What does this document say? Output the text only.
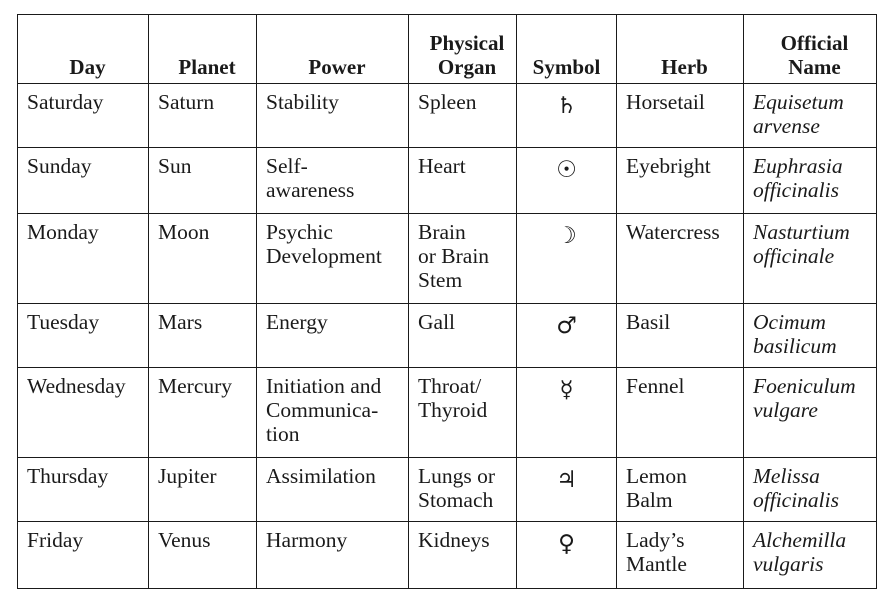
Day	Planet	Power	Physical
Organ	Symbol	Herb	Official
Name

Saturday	Saturn	Stability	Spleen	♄	Horsetail	Equisetum
arvense

Sunday	Sun	Self-
awareness	Heart	☉	Eyebright	Euphrasia
officinalis

Monday	Moon	Psychic
Development	Brain
or Brain
Stem	☽	Watercress	Nasturtium
officinale

Tuesday	Mars	Energy	Gall	♂	Basil	Ocimum
basilicum

Wednesday	Mercury	Initiation and
Communica-
tion	Throat/
Thyroid	☿	Fennel	Foeniculum
vulgare

Thursday	Jupiter	Assimilation	Lungs or
Stomach	♃	Lemon
Balm	Melissa
officinalis

Friday	Venus	Harmony	Kidneys	♀	Lady’s
Mantle	Alchemilla
vulgaris
